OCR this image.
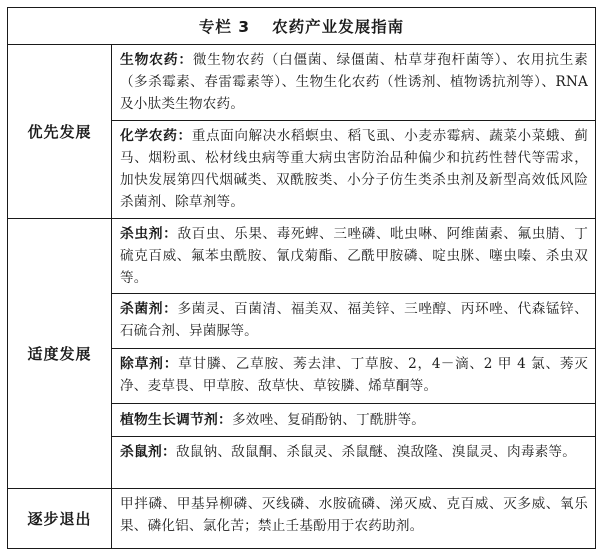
专栏 3 农药产业发展指南
优先发展
生物农药：微生物农药（白僵菌、绿僵菌、枯草芽孢杆菌等）、农用抗生素（多杀霉素、春雷霉素等）、生物生化农药（性诱剂、植物诱抗剂等）、RNA 及小肽类生物农药。
化学农药：重点面向解决水稻螟虫、稻飞虱、小麦赤霉病、蔬菜小菜蛾、蓟马、烟粉虱、松材线虫病等重大病虫害防治品种偏少和抗药性替代等需求，加快发展第四代烟碱类、双酰胺类、小分子仿生类杀虫剂及新型高效低风险杀菌剂、除草剂等。
适度发展
杀虫剂：敌百虫、乐果、毒死蜱、三唑磷、吡虫啉、阿维菌素、氟虫腈、丁硫克百威、氟苯虫酰胺、氰戊菊酯、乙酰甲胺磷、啶虫脒、噻虫嗪、杀虫双等。
杀菌剂：多菌灵、百菌清、福美双、福美锌、三唑醇、丙环唑、代森锰锌、石硫合剂、异菌脲等。
除草剂：草甘膦、乙草胺、莠去津、丁草胺、2，4－滴、2 甲 4 氯、莠灭净、麦草畏、甲草胺、敌草快、草铵膦、烯草酮等。
植物生长调节剂：多效唑、复硝酚钠、丁酰肼等。
杀鼠剂：敌鼠钠、敌鼠酮、杀鼠灵、杀鼠醚、溴敌隆、溴鼠灵、肉毒素等。
逐步退出
甲拌磷、甲基异柳磷、灭线磷、水胺硫磷、涕灭威、克百威、灭多威、氧乐果、磷化铝、氯化苦；禁止壬基酚用于农药助剂。
